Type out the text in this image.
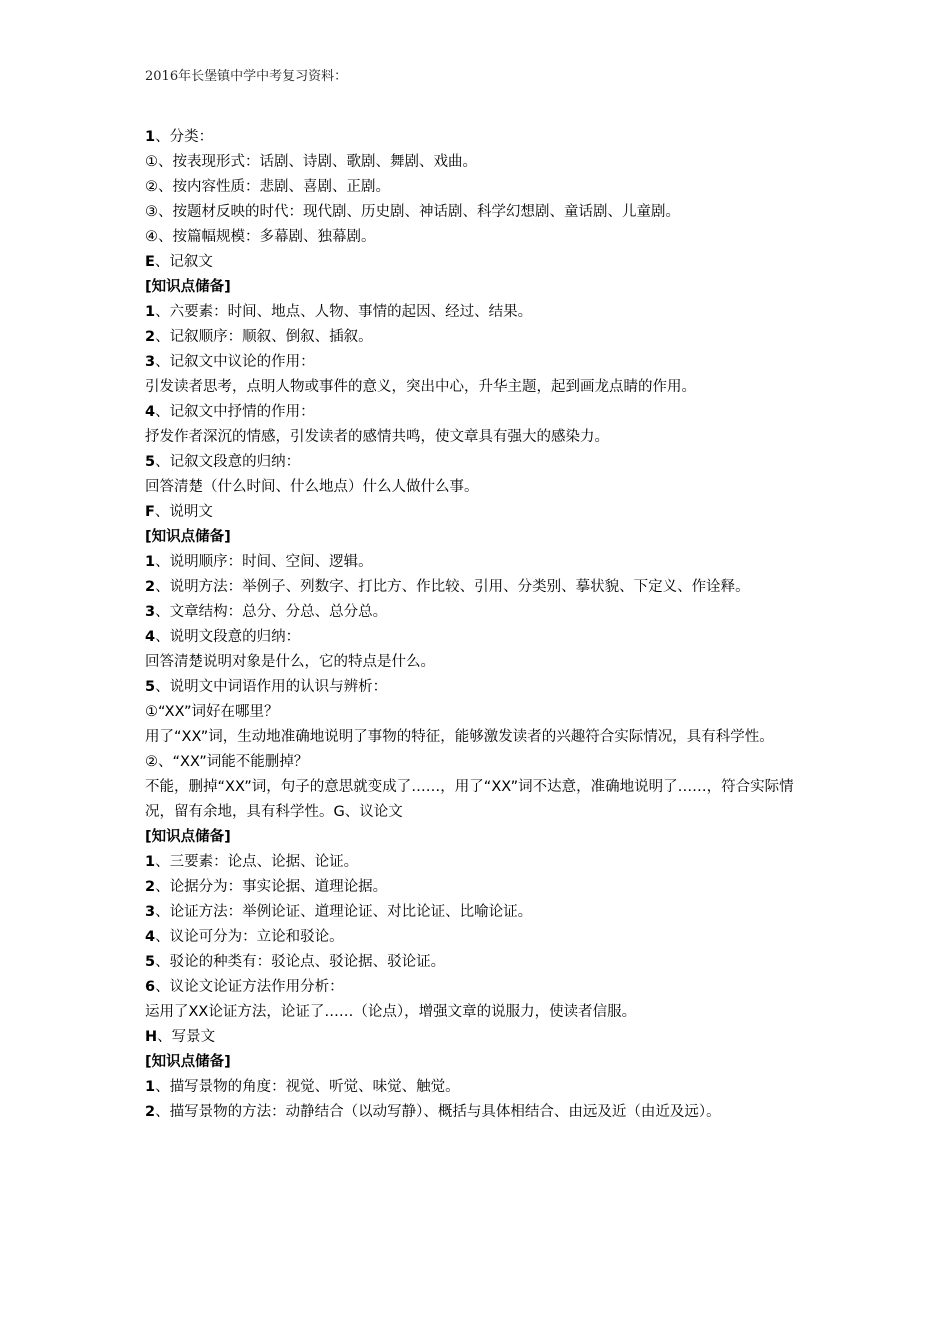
2016年长堡镇中学中考复习资料：
1、分类：
①、按表现形式：话剧、诗剧、歌剧、舞剧、戏曲。
②、按内容性质：悲剧、喜剧、正剧。
③、按题材反映的时代：现代剧、历史剧、神话剧、科学幻想剧、童话剧、儿童剧。
④、按篇幅规模：多幕剧、独幕剧。
E、记叙文
[知识点储备]
1、六要素：时间、地点、人物、事情的起因、经过、结果。
2、记叙顺序：顺叙、倒叙、插叙。
3、记叙文中议论的作用：
引发读者思考，点明人物或事件的意义，突出中心，升华主题，起到画龙点睛的作用。
4、记叙文中抒情的作用：
抒发作者深沉的情感，引发读者的感情共鸣，使文章具有强大的感染力。
5、记叙文段意的归纳：
回答清楚（什么时间、什么地点）什么人做什么事。
F、说明文
[知识点储备]
1、说明顺序：时间、空间、逻辑。
2、说明方法：举例子、列数字、打比方、作比较、引用、分类别、摹状貌、下定义、作诠释。
3、文章结构：总分、分总、总分总。
4、说明文段意的归纳：
回答清楚说明对象是什么，它的特点是什么。
5、说明文中词语作用的认识与辨析：
①“XX”词好在哪里？
用了“XX”词，生动地准确地说明了事物的特征，能够激发读者的兴趣符合实际情况，具有科学性。
②、“XX”词能不能删掉？
不能，删掉“XX”词，句子的意思就变成了……，用了“XX”词不达意，准确地说明了……，符合实际情况，留有余地，具有科学性。G、议论文
[知识点储备]
1、三要素：论点、论据、论证。
2、论据分为：事实论据、道理论据。
3、论证方法：举例论证、道理论证、对比论证、比喻论证。
4、议论可分为：立论和驳论。
5、驳论的种类有：驳论点、驳论据、驳论证。
6、议论文论证方法作用分析：
运用了XX论证方法，论证了……（论点），增强文章的说服力，使读者信服。
H、写景文
[知识点储备]
1、描写景物的角度：视觉、听觉、味觉、触觉。
2、描写景物的方法：动静结合（以动写静）、概括与具体相结合、由远及近（由近及远）。
